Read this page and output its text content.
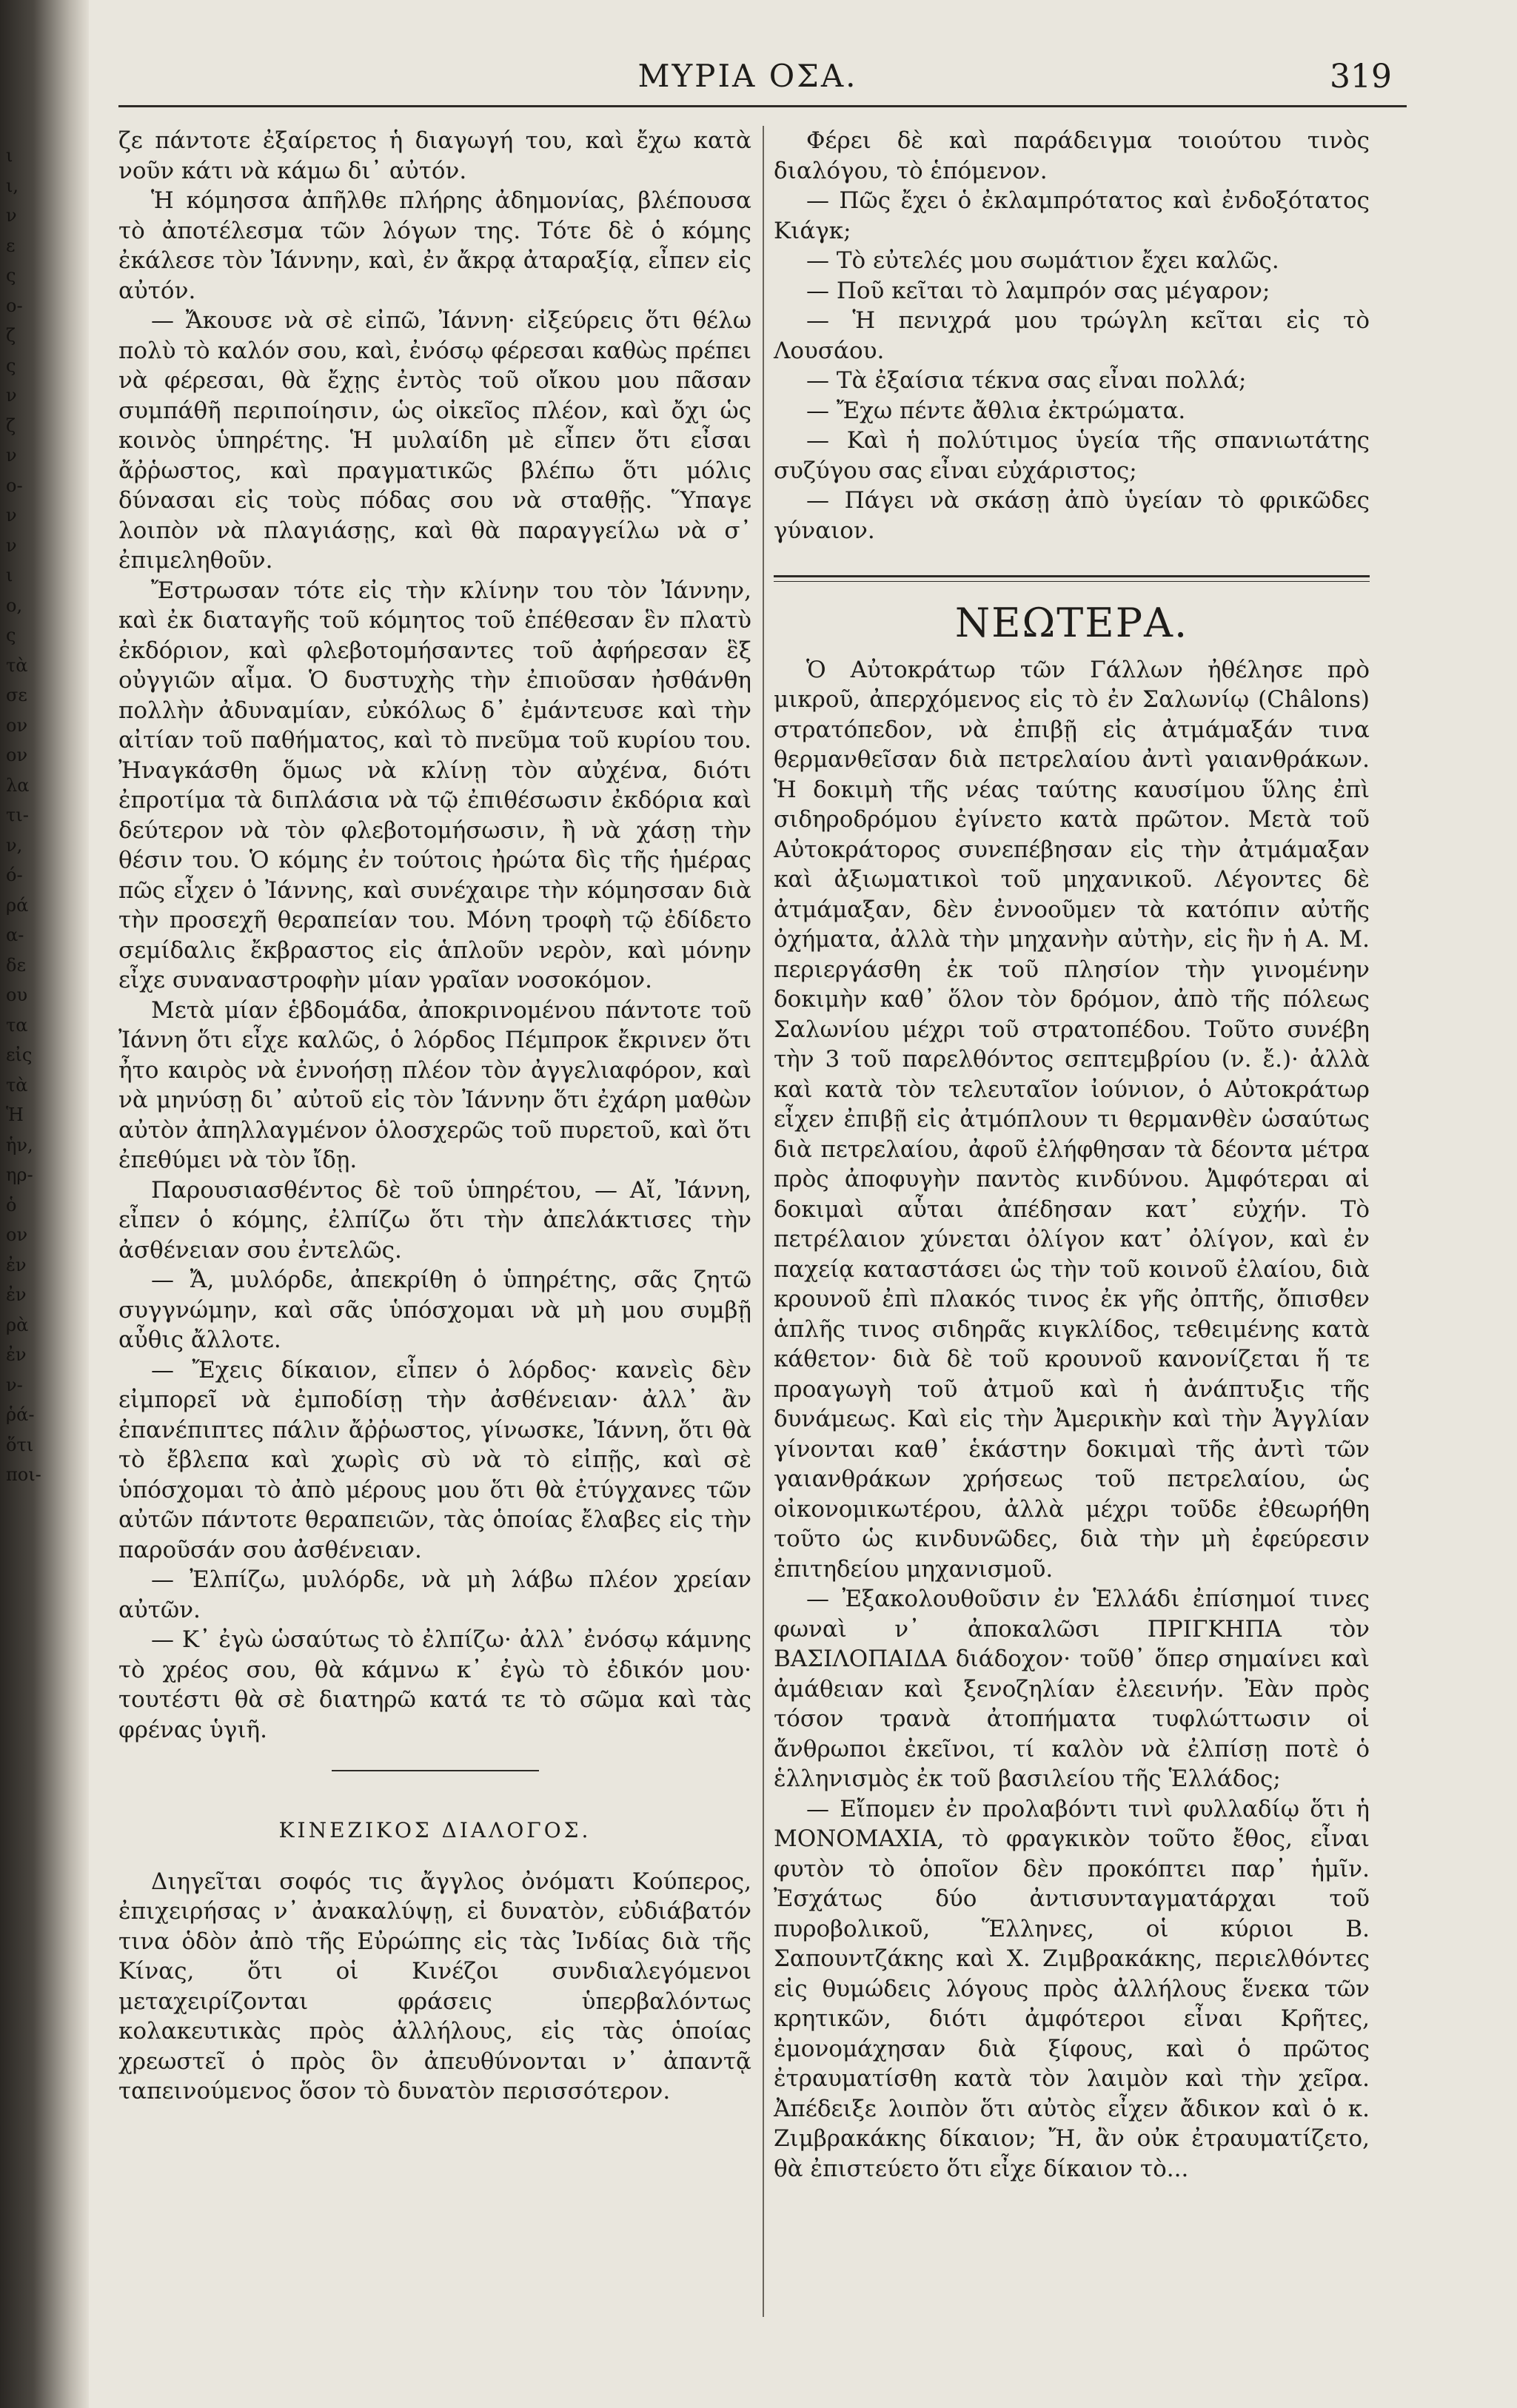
ι
ι,
ν
ε
ς
ο-
ζ
ς
ν
ζ
ν
ο-
ν
ν
ι
ο,
ς
τὰ
σε
ον
ον
λα
τι-
ν,
ό-
ρά
α-
δε
ου
τα
εἰς
τὰ
Ἡ
ἡν,
ηρ-
ὁ
ον
ἐν
ἐν
ρὰ
ἐν
ν-
ῥά-
ὅτι
ποι-
ΜΥΡΙΑ ΟΣΑ.	319

ζε πάντοτε ἐξαίρετος ἡ διαγωγή του, καὶ ἔχω κατὰ νοῦν κάτι νὰ κάμω δι᾽ αὐτόν.

Ἡ κόμησσα ἀπῆλθε πλήρης ἀδημονίας, βλέπουσα τὸ ἀποτέλεσμα τῶν λόγων της. Τότε δὲ ὁ κόμης ἐκάλεσε τὸν Ἰάννην, καὶ, ἐν ἄκρᾳ ἀταραξίᾳ, εἶπεν εἰς αὐτόν.

— Ἄκουσε νὰ σὲ εἰπῶ, Ἰάννη· εἰξεύρεις ὅτι θέλω πολὺ τὸ καλόν σου, καὶ, ἐνόσῳ φέρεσαι καθὼς πρέπει νὰ φέρεσαι, θὰ ἔχῃς ἐντὸς τοῦ οἴκου μου πᾶσαν συμπάθῆ περιποίησιν, ὡς οἰκεῖος πλέον, καὶ ὄχι ὡς κοινὸς ὑπηρέτης. Ἡ μυλαίδη μὲ εἶπεν ὅτι εἶσαι ἄῤῥωστος, καὶ πραγματικῶς βλέπω ὅτι μόλις δύνασαι εἰς τοὺς πόδας σου νὰ σταθῇς. Ὕπαγε λοιπὸν νὰ πλαγιάσῃς, καὶ θὰ παραγγείλω νὰ σ᾽ ἐπιμεληθοῦν.

Ἔστρωσαν τότε εἰς τὴν κλίνην του τὸν Ἰάννην, καὶ ἐκ διαταγῆς τοῦ κόμητος τοῦ ἐπέθεσαν ἓν πλατὺ ἐκδόριον, καὶ φλεβοτομήσαντες τοῦ ἀφήρεσαν ἓξ οὐγγιῶν αἷμα. Ὁ δυστυχὴς τὴν ἐπιοῦσαν ἠσθάνθη πολλὴν ἀδυναμίαν, εὐκόλως δ᾽ ἐμάντευσε καὶ τὴν αἰτίαν τοῦ παθήματος, καὶ τὸ πνεῦμα τοῦ κυρίου του. Ἠναγκάσθη ὅμως νὰ κλίνῃ τὸν αὐχένα, διότι ἐπροτίμα τὰ διπλάσια νὰ τῷ ἐπιθέσωσιν ἐκδόρια καὶ δεύτερον νὰ τὸν φλεβοτομήσωσιν, ἢ νὰ χάσῃ τὴν θέσιν του. Ὁ κόμης ἐν τούτοις ἠρώτα δὶς τῆς ἡμέρας πῶς εἶχεν ὁ Ἰάννης, καὶ συνέχαιρε τὴν κόμησσαν διὰ τὴν προσεχῆ θεραπείαν του. Μόνη τροφὴ τῷ ἐδίδετο σεμίδαλις ἔκβραστος εἰς ἁπλοῦν νερὸν, καὶ μόνην εἶχε συναναστροφὴν μίαν γραῖαν νοσοκόμον.

Μετὰ μίαν ἑβδομάδα, ἀποκρινομένου πάντοτε τοῦ Ἰάννη ὅτι εἶχε καλῶς, ὁ λόρδος Πέμπροκ ἔκρινεν ὅτι ἦτο καιρὸς νὰ ἐννοήσῃ πλέον τὸν ἀγγελιαφόρον, καὶ νὰ μηνύσῃ δι᾽ αὐτοῦ εἰς τὸν Ἰάννην ὅτι ἐχάρη μαθὼν αὐτὸν ἀπηλλαγμένον ὁλοσχερῶς τοῦ πυρετοῦ, καὶ ὅτι ἐπεθύμει νὰ τὸν ἴδῃ.

Παρουσιασθέντος δὲ τοῦ ὑπηρέτου, — Αἴ, Ἰάννη, εἶπεν ὁ κόμης, ἐλπίζω ὅτι τὴν ἀπελάκτισες τὴν ἀσθένειαν σου ἐντελῶς.

— Ἄ, μυλόρδε, ἀπεκρίθη ὁ ὑπηρέτης, σᾶς ζητῶ συγγνώμην, καὶ σᾶς ὑπόσχομαι νὰ μὴ μου συμβῇ αὖθις ἄλλοτε.

— Ἔχεις δίκαιον, εἶπεν ὁ λόρδος· κανεὶς δὲν εἰμπορεῖ νὰ ἐμποδίσῃ τὴν ἀσθένειαν· ἀλλ᾽ ἂν ἐπανέπιπτες πάλιν ἄῤῥωστος, γίνωσκε, Ἰάννη, ὅτι θὰ τὸ ἔβλεπα καὶ χωρὶς σὺ νὰ τὸ εἰπῇς, καὶ σὲ ὑπόσχομαι τὸ ἀπὸ μέρους μου ὅτι θὰ ἐτύγχανες τῶν αὐτῶν πάντοτε θεραπειῶν, τὰς ὁποίας ἔλαβες εἰς τὴν παροῦσάν σου ἀσθένειαν.

— Ἐλπίζω, μυλόρδε, νὰ μὴ λάβω πλέον χρείαν αὐτῶν.

— Κ᾽ ἐγὼ ὡσαύτως τὸ ἐλπίζω· ἀλλ᾽ ἐνόσῳ κάμνης τὸ χρέος σου, θὰ κάμνω κ᾽ ἐγὼ τὸ ἐδικόν μου· τουτέστι θὰ σὲ διατηρῶ κατά τε τὸ σῶμα καὶ τὰς φρένας ὑγιῆ.

ΚΙΝΕΖΙΚΟΣ ΔΙΑΛΟΓΟΣ.

Διηγεῖται σοφός τις ἄγγλος ὀνόματι Κούπερος, ἐπιχειρήσας ν᾽ ἀνακαλύψῃ, εἰ δυνατὸν, εὐδιάβατόν τινα ὁδὸν ἀπὸ τῆς Εὐρώπης εἰς τὰς Ἰνδίας διὰ τῆς Κίνας, ὅτι οἱ Κινέζοι συνδιαλεγόμενοι μεταχειρίζονται φράσεις ὑπερβαλόντως κολακευτικὰς πρὸς ἀλλήλους, εἰς τὰς ὁποίας χρεωστεῖ ὁ πρὸς ὃν ἀπευθύνονται ν᾽ ἀπαντᾷ ταπεινούμενος ὅσον τὸ δυνατὸν περισσότερον.

Φέρει δὲ καὶ παράδειγμα τοιούτου τινὸς διαλόγου, τὸ ἑπόμενον.

— Πῶς ἔχει ὁ ἐκλαμπρότατος καὶ ἐνδοξότατος Κιάγκ;

— Τὸ εὐτελές μου σωμάτιον ἔχει καλῶς.

— Ποῦ κεῖται τὸ λαμπρόν σας μέγαρον;

— Ἡ πενιχρά μου τρώγλη κεῖται εἰς τὸ Λουσάου.

— Τὰ ἐξαίσια τέκνα σας εἶναι πολλά;

— Ἔχω πέντε ἄθλια ἐκτρώματα.

— Καὶ ἡ πολύτιμος ὑγεία τῆς σπανιωτάτης συζύγου σας εἶναι εὐχάριστος;

— Πάγει νὰ σκάσῃ ἀπὸ ὑγείαν τὸ φρικῶδες γύναιον.

ΝΕΩΤΕΡΑ.

Ὁ Αὐτοκράτωρ τῶν Γάλλων ἠθέλησε πρὸ μικροῦ, ἀπερχόμενος εἰς τὸ ἐν Σαλωνίῳ (Châlons) στρατόπεδον, νὰ ἐπιβῇ εἰς ἀτμάμαξάν τινα θερμανθεῖσαν διὰ πετρελαίου ἀντὶ γαιανθράκων. Ἡ δοκιμὴ τῆς νέας ταύτης καυσίμου ὕλης ἐπὶ σιδηροδρόμου ἐγίνετο κατὰ πρῶτον. Μετὰ τοῦ Αὐτοκράτορος συνεπέβησαν εἰς τὴν ἀτμάμαξαν καὶ ἀξιωματικοὶ τοῦ μηχανικοῦ. Λέγοντες δὲ ἀτμάμαξαν, δὲν ἐννοοῦμεν τὰ κατόπιν αὐτῆς ὀχήματα, ἀλλὰ τὴν μηχανὴν αὐτὴν, εἰς ἣν ἡ Α. Μ. περιεργάσθη ἐκ τοῦ πλησίον τὴν γινομένην δοκιμὴν καθ᾽ ὅλον τὸν δρόμον, ἀπὸ τῆς πόλεως Σαλωνίου μέχρι τοῦ στρατοπέδου. Τοῦτο συνέβη τὴν 3 τοῦ παρελθόντος σεπτεμβρίου (ν. ἔ.)· ἀλλὰ καὶ κατὰ τὸν τελευταῖον ἰούνιον, ὁ Αὐτοκράτωρ εἶχεν ἐπιβῇ εἰς ἀτμόπλουν τι θερμανθὲν ὡσαύτως διὰ πετρελαίου, ἀφοῦ ἐλήφθησαν τὰ δέοντα μέτρα πρὸς ἀποφυγὴν παντὸς κινδύνου. Ἀμφότεραι αἱ δοκιμαὶ αὗται ἀπέδησαν κατ᾽ εὐχήν. Τὸ πετρέλαιον χύνεται ὀλίγον κατ᾽ ὀλίγον, καὶ ἐν παχείᾳ καταστάσει ὡς τὴν τοῦ κοινοῦ ἐλαίου, διὰ κρουνοῦ ἐπὶ πλακός τινος ἐκ γῆς ὀπτῆς, ὄπισθεν ἁπλῆς τινος σιδηρᾶς κιγκλίδος, τεθειμένης κατὰ κάθετον· διὰ δὲ τοῦ κρουνοῦ κανονίζεται ἥ τε προαγωγὴ τοῦ ἀτμοῦ καὶ ἡ ἀνάπτυξις τῆς δυνάμεως. Καὶ εἰς τὴν Ἀμερικὴν καὶ τὴν Ἀγγλίαν γίνονται καθ᾽ ἑκάστην δοκιμαὶ τῆς ἀντὶ τῶν γαιανθράκων χρήσεως τοῦ πετρελαίου, ὡς οἰκονομικωτέρου, ἀλλὰ μέχρι τοῦδε ἐθεωρήθη τοῦτο ὡς κινδυνῶδες, διὰ τὴν μὴ ἐφεύρεσιν ἐπιτηδείου μηχανισμοῦ.

— Ἐξακολουθοῦσιν ἐν Ἑλλάδι ἐπίσημοί τινες φωναὶ ν᾽ ἀποκαλῶσι ΠΡΙΓΚΗΠΑ τὸν ΒΑΣΙΛΟΠΑΙΔΑ διάδοχον· τοῦθ᾽ ὅπερ σημαίνει καὶ ἀμάθειαν καὶ ξενοζηλίαν ἐλεεινήν. Ἐὰν πρὸς τόσον τρανὰ ἀτοπήματα τυφλώττωσιν οἱ ἄνθρωποι ἐκεῖνοι, τί καλὸν νὰ ἐλπίσῃ ποτὲ ὁ ἑλληνισμὸς ἐκ τοῦ βασιλείου τῆς Ἑλλάδος;

— Εἴπομεν ἐν προλαβόντι τινὶ φυλλαδίῳ ὅτι ἡ ΜΟΝΟΜΑΧΙΑ, τὸ φραγκικὸν τοῦτο ἔθος, εἶναι φυτὸν τὸ ὁποῖον δὲν προκόπτει παρ᾽ ἡμῖν. Ἐσχάτως δύο ἀντισυνταγματάρχαι τοῦ πυροβολικοῦ, Ἕλληνες, οἱ κύριοι Β. Σαπουντζάκης καὶ Χ. Ζιμβρακάκης, περιελθόντες εἰς θυμώδεις λόγους πρὸς ἀλλήλους ἕνεκα τῶν κρητικῶν, διότι ἀμφότεροι εἶναι Κρῆτες, ἐμονομάχησαν διὰ ξίφους, καὶ ὁ πρῶτος ἐτραυματίσθη κατὰ τὸν λαιμὸν καὶ τὴν χεῖρα. Ἀπέδειξε λοιπὸν ὅτι αὐτὸς εἶχεν ἄδικον καὶ ὁ κ. Ζιμβρακάκης δίκαιον; Ἤ, ἂν οὐκ ἐτραυματίζετο, θὰ ἐπιστεύετο ὅτι εἶχε δίκαιον τὸ...
